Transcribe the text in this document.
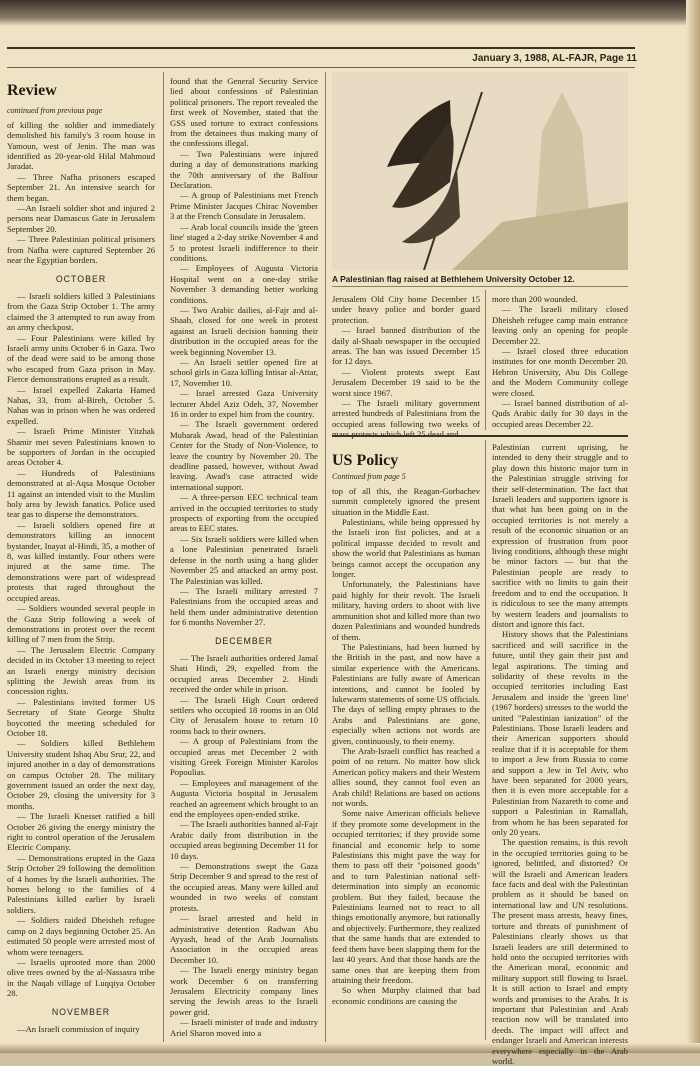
January 3, 1988, AL-FAJR, Page 11
Review
continued from previous page

of killing the soldier and immediately demolished his family's 3 room house in Yamoun, west of Jenin. The man was identified as 20-year-old Hilal Mahmoud Jaradat.

— Three Nafha prisoners escaped September 21. An intensive search for them began.

—An Israeli soldier shot and injured 2 persons near Damascus Gate in Jerusalem September 20.

— Three Palestinian political prisoners from Nafha were captured September 26 near the Egyptian borders.

OCTOBER

— Israeli soldiers killed 3 Palestinians from the Gaza Strip October 1. The army claimed the 3 attempted to run away from an army checkpost.

— Four Palestinians were killed by Israeli army units October 6 in Gaza. Two of the dead were said to be among those who escaped from Gaza prison in May. Fierce demonstrations erupted as a result.

— Israel expelled Zakaria Hamed Nahas, 33, from al-Bireh, October 5. Nahas was in prison when he was ordered expelled.

— Israeli Prime Minister Yitzhak Shamir met seven Palestinians known to be supporters of Jordan in the occupied areas October 4.

— Hundreds of Palestinians demonstrated at al-Aqsa Mosque October 11 against an intended visit to the Muslim holy area by Jewish fanatics. Police used tear gas to disperse the demonstrators.

— Israeli soldiers opened fire at demonstrators killing an innocent bystander, Inayat al-Hindi, 35, a mother of 8, was killed instantly. Four others were injured at the same time. The demonstrations were part of widespread protests that raged throughout the occupied areas.

— Soldiers wounded several people in the Gaza Strip following a week of demonstrations in protest over the recent killing of 7 men from the Strip.

— The Jerusalem Electric Company decided in its October 13 meeting to reject an Israeli energy ministry decision splitting the Jewish areas from its concession rights.

— Palestinians invited former US Secretary of State George Shultz boycotted the meeting scheduled for October 18.

— Soldiers killed Bethlehem University student Ishaq Abu Srur, 22, and injured another in a day of demonstrations on campus October 28. The military government issued an order the next day, October 29, closing the university for 3 months.

— The Israeli Knesset ratified a bill October 26 giving the energy ministry the right to control operation of the Jerusalem Electric Company.

— Demonstrations erupted in the Gaza Strip October 29 following the demolition of 4 homes by the Israeli authorities. The homes belong to the families of 4 Palestinians killed earlier by Israeli soldiers.

— Soldiers raided Dheisheh refugee camp on 2 days beginning October 25. An estimated 50 people were arrested most of whom were teenagers.

— Israelis uprooted more than 2000 olive trees owned by the al-Nassasra tribe in the Naqab village of Luqqiya October 28.

NOVEMBER

—An Israeli commission of inquiry

found that the General Security Service lied about confessions of Palestinian political prisoners. The report revealed the first week of November, stated that the GSS used torture to extract confessions from the detainees thus making many of the confessions illegal.

— Two Palestinians were injured during a day of demonstrations marking the 70th anniversary of the Balfour Declaration.

— A group of Palestinians met French Prime Minister Jacques Chirac November 3 at the French Consulate in Jerusalem.

— Arab local councils inside the 'green line' staged a 2-day strike November 4 and 5 to protest Israeli indifference to their conditions.

— Employees of Augusta Victoria Hospital went on a one-day strike November 3 demanding better working conditions.

— Two Arabic dailies, al-Fajr and al-Shaab, closed for one week in protest against an Israeli decision banning their distribution in the occupied areas for the week beginning November 13.

— An Israeli settler opened fire at school girls in Gaza killing Intisar al-Attar, 17, November 10.

— Israel arrested Gaza University lecturer Abdel Aziz Odeh, 37, November 16 in order to expel him from the country.

— The Israeli government ordered Mubarak Awad, head of the Palestinian Center for the Study of Non-Violence, to leave the country by November 20. The deadline passed, however, without Awad leaving. Awad's case attracted wide international support.

— A three-person EEC technical team arrived in the occupied territories to study prospects of exporting from the occupied areas to EEC states.

— Six Israeli soldiers were killed when a lone Palestinian penetrated Israeli defense in the north using a hang glider November 25 and attacked an army post. The Palestinian was killed.

— The Israeli military arrested 7 Palestinians from the occupied areas and held them under administrative detention for 6 months November 27.

DECEMBER

— The Israeli authorities ordered Jamal Shati Hindi, 29, expelled from the occupied areas December 2. Hindi received the order while in prison.

— The Israeli High Court ordered settlers who occupied 18 rooms in an Old City of Jerusalem house to return 10 rooms back to their owners.

— A group of Palestinians from the occupied areas met December 2 with visiting Greek Foreign Minister Karolos Popoulias.

— Employees and management of the Augusta Victoria hospital in Jerusalem reached an agreement which brought to an end the employees open-ended strike.

— The Israeli authorities banned al-Fajr Arabic daily from distribution in the occupied areas beginning December 11 for 10 days.

— Demonstrations swept the Gaza Strip December 9 and spread to the rest of the occupied areas. Many were killed and wounded in two weeks of constant protests.

— Israel arrested and held in administrative detention Radwan Abu Ayyash, head of the Arab Journalists Association in the occupied areas December 10.

— The Israeli energy ministry began work December 6 on transferring Jerusalem Electricity company lines serving the Jewish areas to the Israeli power grid.

— Israeli minister of trade and industry Ariel Sharon moved into a

A Palestinian flag raised at Bethlehem University October 12.

Jerusalem Old City home December 15 under heavy police and border guard protection.

— Israel banned distribution of the daily al-Shaab newspaper in the occupied areas. The ban was issued December 15 for 12 days.

— Violent protests swept East Jerusalem December 19 said to be the worst since 1967.

— The Israeli military government arrested hundreds of Palestinians from the occupied areas following two weeks of

more than 200 wounded.

— The Israeli military closed Dheisheh refugee camp main entrance leaving only an opening for people December 22.

— Israel closed three education institutes for one month December 20. Hebron University, Abu Dis College and the Modern Community college were closed.

— Israel banned distribution of al-Quds Arabic daily for 30 days in the occupied areas December 22.

US Policy
Continued from page 5

top of all this, the Reagan-Gorbachev summit completely ignored the present situation in the Middle East.

Palestinians, while being oppressed by the Israeli iron fist policies, and at a political impasse decided to revolt and show the world that Palestinians as human beings cannot accept the occupation any longer.

Unfortunately, the Palestinians have paid highly for their revolt. The Israeli military, having orders to shoot with live ammunition shot and killed more than two dozen Palestinians and wounded hundreds of them.

The Palestinians, had been burned by the British in the past, and now have a similar experience with the Americans. Palestinians are fully aware of American intentions, and cannot be fooled by lukewarm statements of some US officials. The days of selling empty phrases to the Arabs and Palestinians are gone, especially when actions not words are given, continuously, to their enemy.

The Arab-Israeli conflict has reached a point of no return. No matter how slick American policy makers and their Western allies sound, they cannot fool even an Arab child! Relations are based on actions not words.

Some naive American officials believe if they promote some development in the occupied territories; if they provide some financial and economic help to some Palestinians this might pave the way for them to pass off their "poisoned goods" and to turn Palestinian national self-determination into simply an economic problem. But they failed, because the Palestinians learned not to react to all things emotionally anymore, but rationally and objectively. Furthermore, they realized that the same hands that are extended to feed them have been slapping them for the last 40 years. And that those hands are the same ones that are keeping them from attaining their freedom.

So when Murphy claimed that bad economic conditions are causing the

Palestinian current uprising, he intended to deny their struggle and to play down this historic major turn in the Palestinian struggle striving for their self-determination. The fact that Israeli leaders and supporters ignore is that what has been going on in the occupied territories is not merely a result of the economic situation or an expression of frustration from poor living conditions, although these might be minor factors — but that the Palestinian people are ready to sacrifice with no limits to gain their freedom and to end the occupation. It is ridiculous to see the many attempts by western leaders and journalists to distort and ignore this fact.

History shows that the Palestinians sacrificed and will sacrifice in the future, until they gain their just and legal aspirations. The timing and solidarity of these revolts in the occupied territories including East Jerusalem and inside the 'green line' (1967 borders) stresses to the world the united "Palestinian ianization" of the Palestinians. Those Israeli leaders and their American supporters should realize that if it is acceptable for them to import a Jew from Russia to come and support a Jew in Tel Aviv, who have been separated for 2000 years, then it is even more acceptable for a Palestinian from Nazareth to come and support a Palestinian in Ramallah, from whom he has been separated for only 20 years.

The question remains, is this revolt in the occupied territories going to be ignored, belittled, and distorted? Or will the Israeli and American leaders face facts and deal with the Palestinian problem as it should be based on international law and UN resolutions. The present mass arrests, heavy fines, torture and threats of punishment of Palestinians clearly shows us that Israeli leaders are still determined to hold onto the occupied territories with the American moral, economic and military support still flowing to Israel. It is still action to Israel and empty words and promises to the Arabs. It is important that Palestinian and Arab reaction now will be translated into deeds. The impact will affect and endanger Israeli and American interests everywhere especially in the Arab world.
